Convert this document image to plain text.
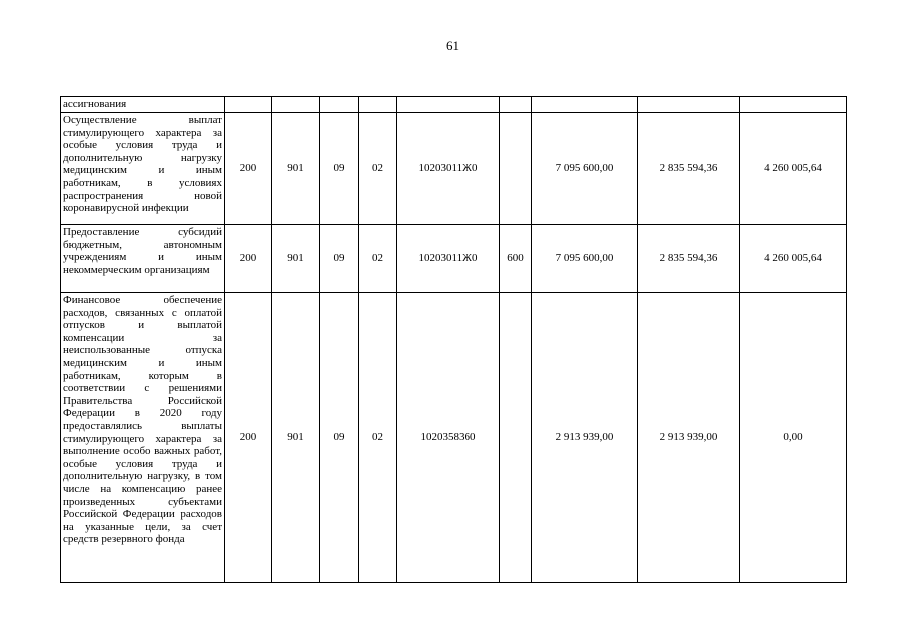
61
ассигнования									

Осуществление выплат стимулирующего характера за особые условия труда и дополнительную нагрузку медицинским и иным работникам, в условиях распространения новой коронавирусной инфекции	200	901	09	02	10203011Ж0		7 095 600,00	2 835 594,36	4 260 005,64

Предоставление субсидий бюджетным, автономным учреждениям и иным некоммерческим организациям	200	901	09	02	10203011Ж0	600	7 095 600,00	2 835 594,36	4 260 005,64

Финансовое обеспечение расходов, связанных с оплатой отпусков и выплатой компенсации за неиспользованные отпуска медицинским и иным работникам, которым в соответствии с решениями Правительства Российской Федерации в 2020 году предоставлялись выплаты стимулирующего характера за выполнение особо важных работ, особые условия труда и дополнительную нагрузку, в том числе на компенсацию ранее произведенных субъектами Российской Федерации расходов на указанные цели, за счет средств резервного фонда	200	901	09	02	1020358360		2 913 939,00	2 913 939,00	0,00
